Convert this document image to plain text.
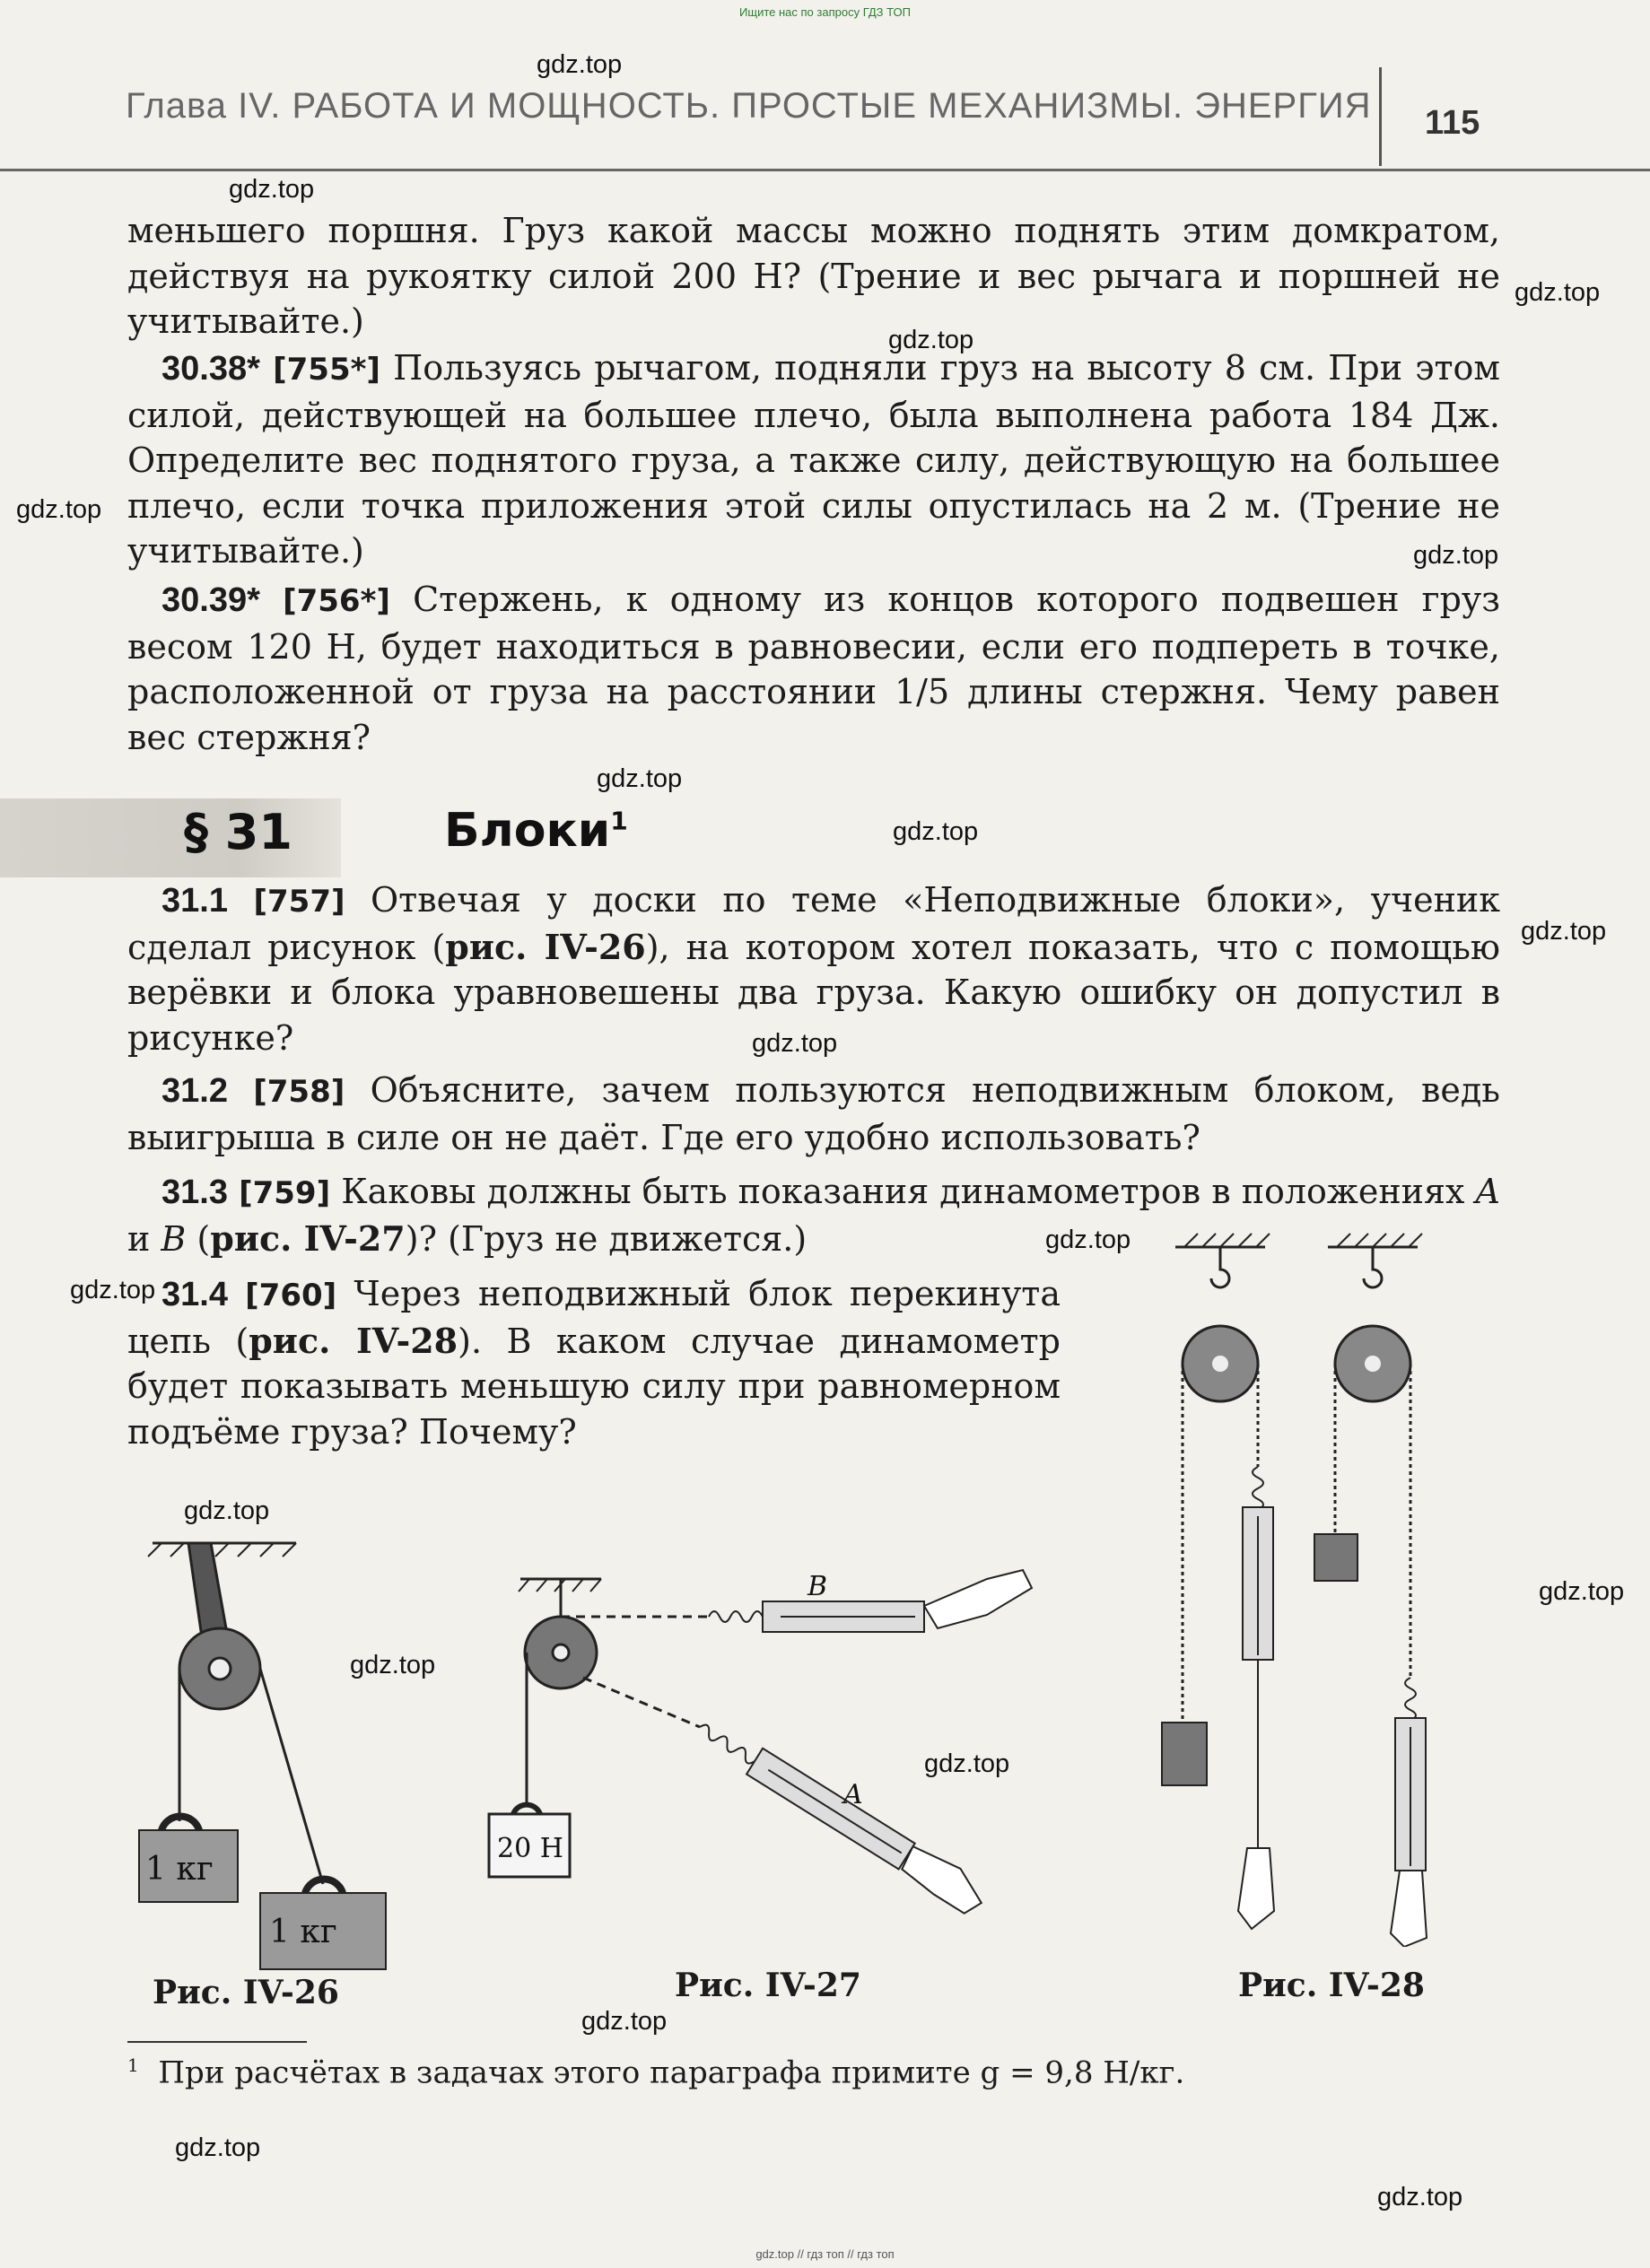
Ищите нас по запросу ГДЗ ТОП
gdz.top // гдз топ // гдз топ
Глава IV. РАБОТА И МОЩНОСТЬ. ПРОСТЫЕ МЕХАНИЗМЫ. ЭНЕРГИЯ 115
gdz.top
gdz.top
gdz.top
gdz.top
gdz.top
gdz.top
gdz.top
gdz.top
gdz.top
gdz.top
gdz.top
gdz.top
gdz.top
gdz.top
gdz.top
gdz.top
gdz.top
gdz.top
gdz.top
меньшего поршня. Груз какой массы можно поднять этим домкратом, действуя на рукоятку силой 200 Н? (Трение и вес рычага и поршней не учитывайте.)
 30.38* [755*] Пользуясь рычагом, подняли груз на высоту 8 см. При этом силой, действующей на большее плечо, была выполнена работа 184 Дж. Определите вес поднятого груза, а также силу, действующую на большее плечо, если точка приложения этой силы опустилась на 2 м. (Трение не учитывайте.)
 30.39* [756*] Стержень, к одному из концов которого подвешен груз весом 120 Н, будет находиться в равновесии, если его подпереть в точке, расположенной от груза на расстоянии 1/5 длины стержня. Чему равен вес стержня?
§ 31	Блоки$^1$
 31.1 [757] Отвечая у доски по теме «Неподвижные блоки», ученик сделал рисунок (рис. IV-26), на котором хотел показать, что с помощью верёвки и блока уравновешены два груза. Какую ошибку он допустил в рисунке?
 31.2 [758] Объясните, зачем пользуются неподвижным блоком, ведь выигрыша в силе он не даёт. Где его удобно использовать?
 31.3 [759] Каковы должны быть показания динамометров в положениях A и B (рис. IV-27)? (Груз не движется.)
 31.4 [760] Через неподвижный блок перекинута цепь (рис. IV-28). В каком случае динамометр будет показывать меньшую силу при равномерном подъёме груза? Почему?
1 кг
1 кг
Рис. IV-26
20 Н
B
A
Рис. IV-27	Рис. IV-28
$^1$ При расчётах в задачах этого параграфа примите g = 9,8 Н/кг.
